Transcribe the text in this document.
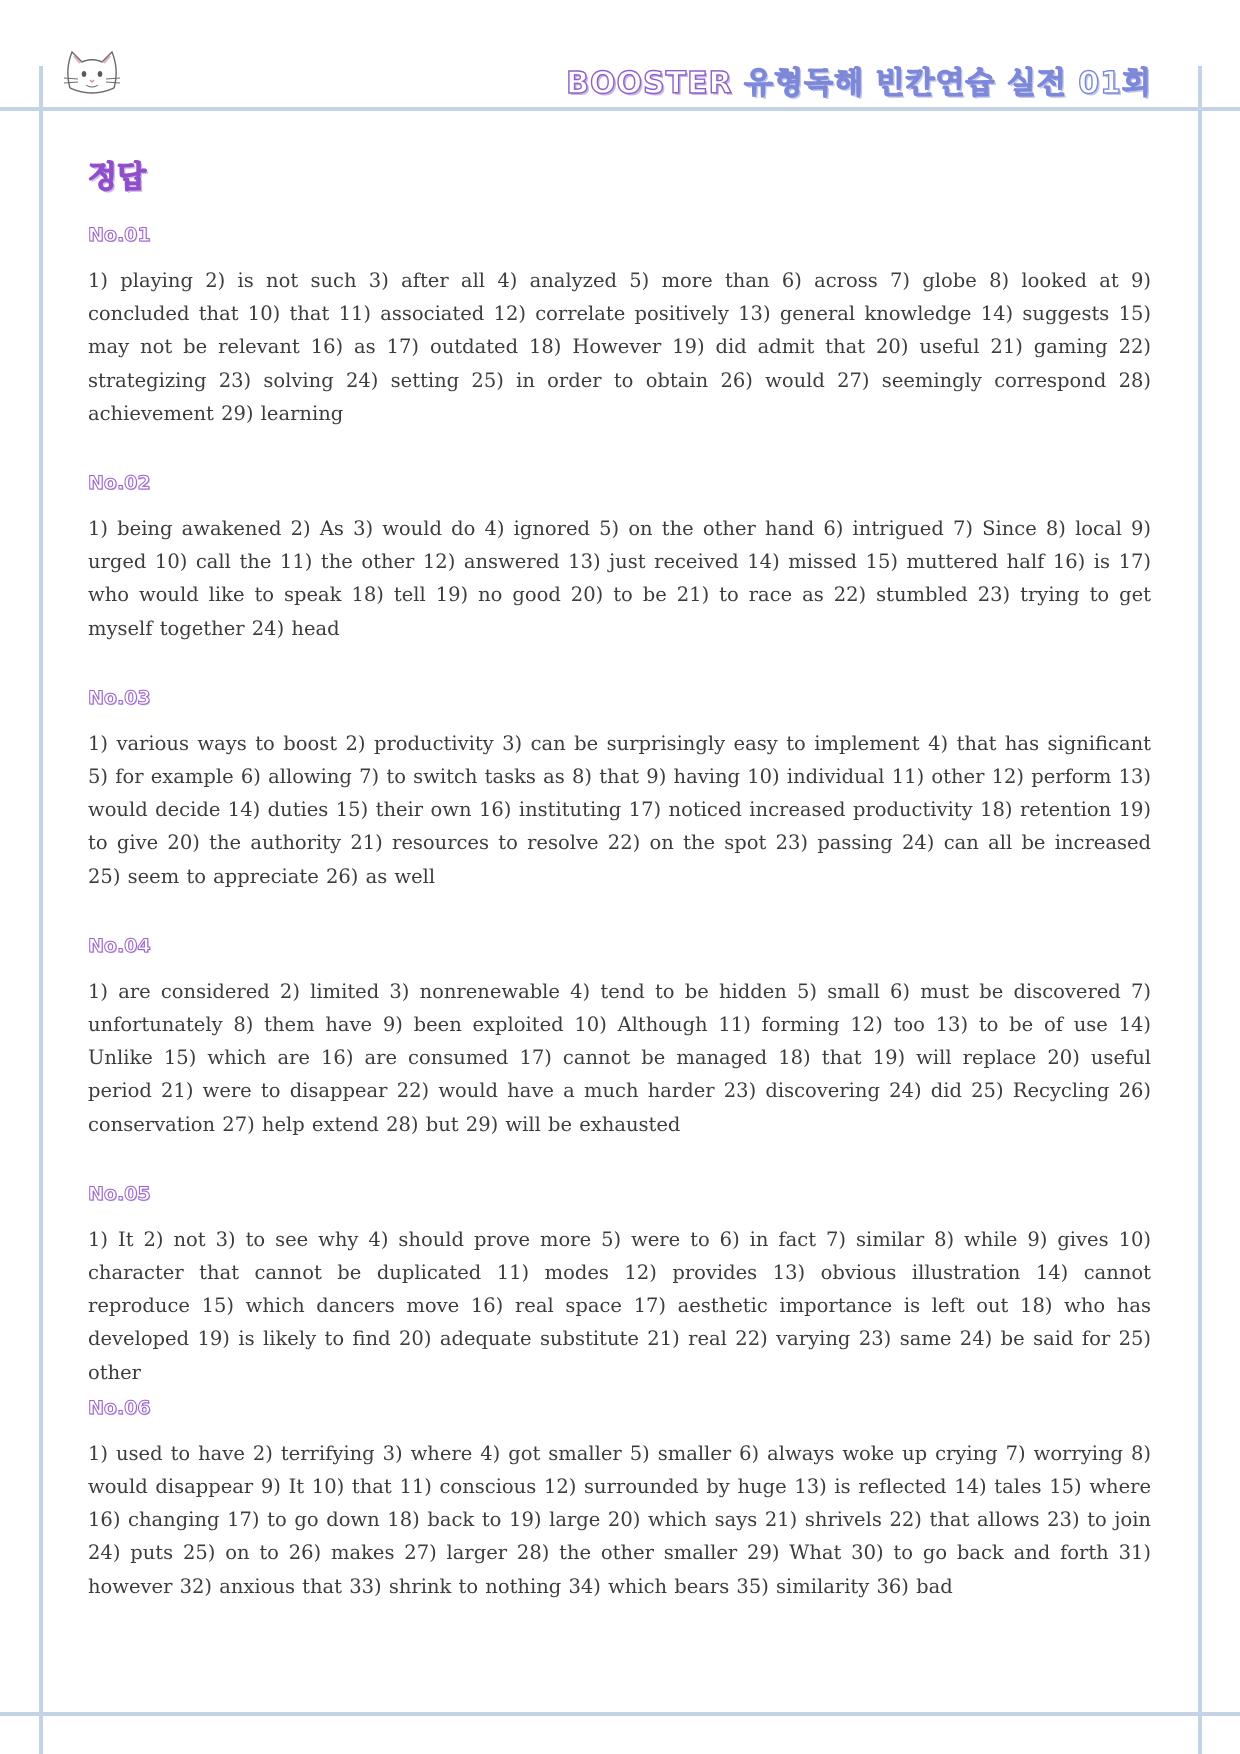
BOOSTER 유형독해 빈칸연습 실전 01회
정답
No.01
1) playing 2) is not such 3) after all 4) analyzed 5) more than 6) across 7) globe 8) looked at 9) concluded that 10) that 11) associated 12) correlate positively 13) general knowledge 14) suggests 15) may not be relevant 16) as 17) outdated 18) However 19) did admit that 20) useful 21) gaming 22) strategizing 23) solving 24) setting 25) in order to obtain 26) would 27) seemingly correspond 28) achievement 29) learning
No.02
1) being awakened 2) As 3) would do 4) ignored 5) on the other hand 6) intrigued 7) Since 8) local 9) urged 10) call the 11) the other 12) answered 13) just received 14) missed 15) muttered half 16) is 17) who would like to speak 18) tell 19) no good 20) to be 21) to race as 22) stumbled 23) trying to get myself together 24) head
No.03
1) various ways to boost 2) productivity 3) can be surprisingly easy to implement 4) that has significant 5) for example 6) allowing 7) to switch tasks as 8) that 9) having 10) individual 11) other 12) perform 13) would decide 14) duties 15) their own 16) instituting 17) noticed increased productivity 18) retention 19) to give 20) the authority 21) resources to resolve 22) on the spot 23) passing 24) can all be increased 25) seem to appreciate 26) as well
No.04
1) are considered 2) limited 3) nonrenewable 4) tend to be hidden 5) small 6) must be discovered 7) unfortunately 8) them have 9) been exploited 10) Although 11) forming 12) too 13) to be of use 14) Unlike 15) which are 16) are consumed 17) cannot be managed 18) that 19) will replace 20) useful period 21) were to disappear 22) would have a much harder 23) discovering 24) did 25) Recycling 26) conservation 27) help extend 28) but 29) will be exhausted
No.05
1) It 2) not 3) to see why 4) should prove more 5) were to 6) in fact 7) similar 8) while 9) gives 10) character that cannot be duplicated 11) modes 12) provides 13) obvious illustration 14) cannot reproduce 15) which dancers move 16) real space 17) aesthetic importance is left out 18) who has developed 19) is likely to find 20) adequate substitute 21) real 22) varying 23) same 24) be said for 25) other
No.06
1) used to have 2) terrifying 3) where 4) got smaller 5) smaller 6) always woke up crying 7) worrying 8) would disappear 9) It 10) that 11) conscious 12) surrounded by huge 13) is reflected 14) tales 15) where 16) changing 17) to go down 18) back to 19) large 20) which says 21) shrivels 22) that allows 23) to join 24) puts 25) on to 26) makes 27) larger 28) the other smaller 29) What 30) to go back and forth 31) however 32) anxious that 33) shrink to nothing 34) which bears 35) similarity 36) bad
